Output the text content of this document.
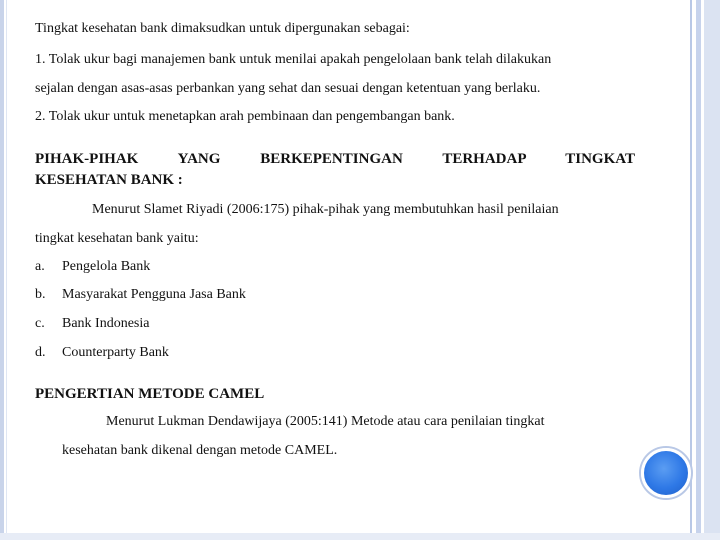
Tingkat kesehatan bank dimaksudkan untuk dipergunakan sebagai:
1. Tolak ukur bagi manajemen bank untuk menilai apakah pengelolaan bank telah dilakukan
sejalan dengan asas-asas perbankan yang sehat dan sesuai dengan ketentuan yang berlaku.
2. Tolak ukur untuk menetapkan arah pembinaan dan pengembangan bank.
PIHAK-PIHAK YANG BERKEPENTINGAN TERHADAP TINGKAT
KESEHATAN BANK :
Menurut Slamet Riyadi (2006:175) pihak-pihak yang membutuhkan hasil penilaian
tingkat kesehatan bank yaitu:
a. Pengelola Bank
b. Masyarakat Pengguna Jasa Bank
c. Bank Indonesia
d. Counterparty Bank
PENGERTIAN METODE CAMEL
Menurut Lukman Dendawijaya (2005:141) Metode atau cara penilaian tingkat
kesehatan bank dikenal dengan metode CAMEL.
